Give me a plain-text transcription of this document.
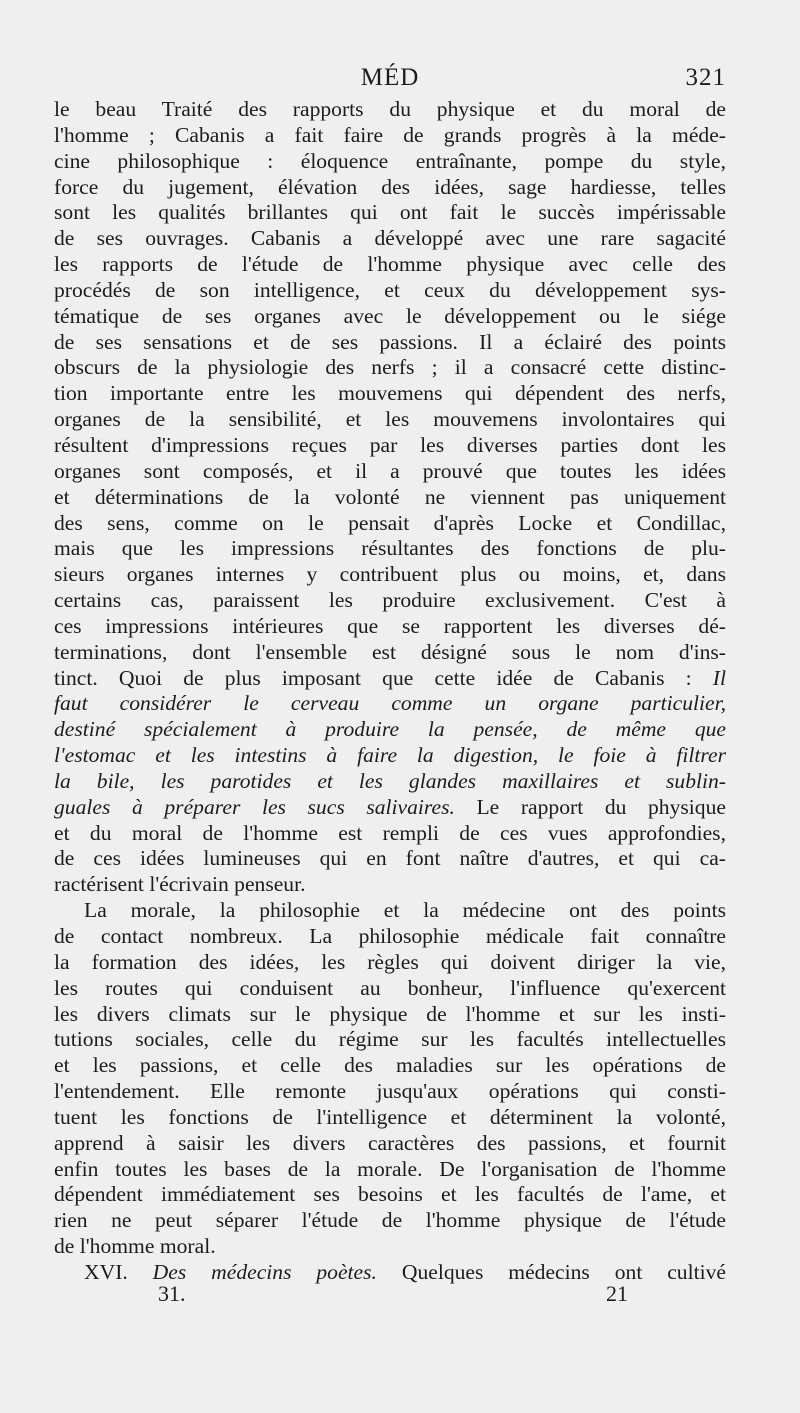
MÉD	321
le beau Traité des rapports du physique et du moral de
l'homme ; Cabanis a fait faire de grands progrès à la méde-
cine philosophique : éloquence entraînante, pompe du style,
force du jugement, élévation des idées, sage hardiesse, telles
sont les qualités brillantes qui ont fait le succès impérissable
de ses ouvrages. Cabanis a développé avec une rare sagacité
les rapports de l'étude de l'homme physique avec celle des
procédés de son intelligence, et ceux du développement sys-
tématique de ses organes avec le développement ou le siége
de ses sensations et de ses passions. Il a éclairé des points
obscurs de la physiologie des nerfs ; il a consacré cette distinc-
tion importante entre les mouvemens qui dépendent des nerfs,
organes de la sensibilité, et les mouvemens involontaires qui
résultent d'impressions reçues par les diverses parties dont les
organes sont composés, et il a prouvé que toutes les idées
et déterminations de la volonté ne viennent pas uniquement
des sens, comme on le pensait d'après Locke et Condillac,
mais que les impressions résultantes des fonctions de plu-
sieurs organes internes y contribuent plus ou moins, et, dans
certains cas, paraissent les produire exclusivement. C'est à
ces impressions intérieures que se rapportent les diverses dé-
terminations, dont l'ensemble est désigné sous le nom d'ins-
tinct. Quoi de plus imposant que cette idée de Cabanis : Il
faut considérer le cerveau comme un organe particulier,
destiné spécialement à produire la pensée, de même que
l'estomac et les intestins à faire la digestion, le foie à filtrer
la bile, les parotides et les glandes maxillaires et sublin-
guales à préparer les sucs salivaires. Le rapport du physique
et du moral de l'homme est rempli de ces vues approfondies,
de ces idées lumineuses qui en font naître d'autres, et qui ca-
ractérisent l'écrivain penseur.
La morale, la philosophie et la médecine ont des points
de contact nombreux. La philosophie médicale fait connaître
la formation des idées, les règles qui doivent diriger la vie,
les routes qui conduisent au bonheur, l'influence qu'exercent
les divers climats sur le physique de l'homme et sur les insti-
tutions sociales, celle du régime sur les facultés intellectuelles
et les passions, et celle des maladies sur les opérations de
l'entendement. Elle remonte jusqu'aux opérations qui consti-
tuent les fonctions de l'intelligence et déterminent la volonté,
apprend à saisir les divers caractères des passions, et fournit
enfin toutes les bases de la morale. De l'organisation de l'homme
dépendent immédiatement ses besoins et les facultés de l'ame, et
rien ne peut séparer l'étude de l'homme physique de l'étude
de l'homme moral.
XVI. Des médecins poètes. Quelques médecins ont cultivé
31.	21
